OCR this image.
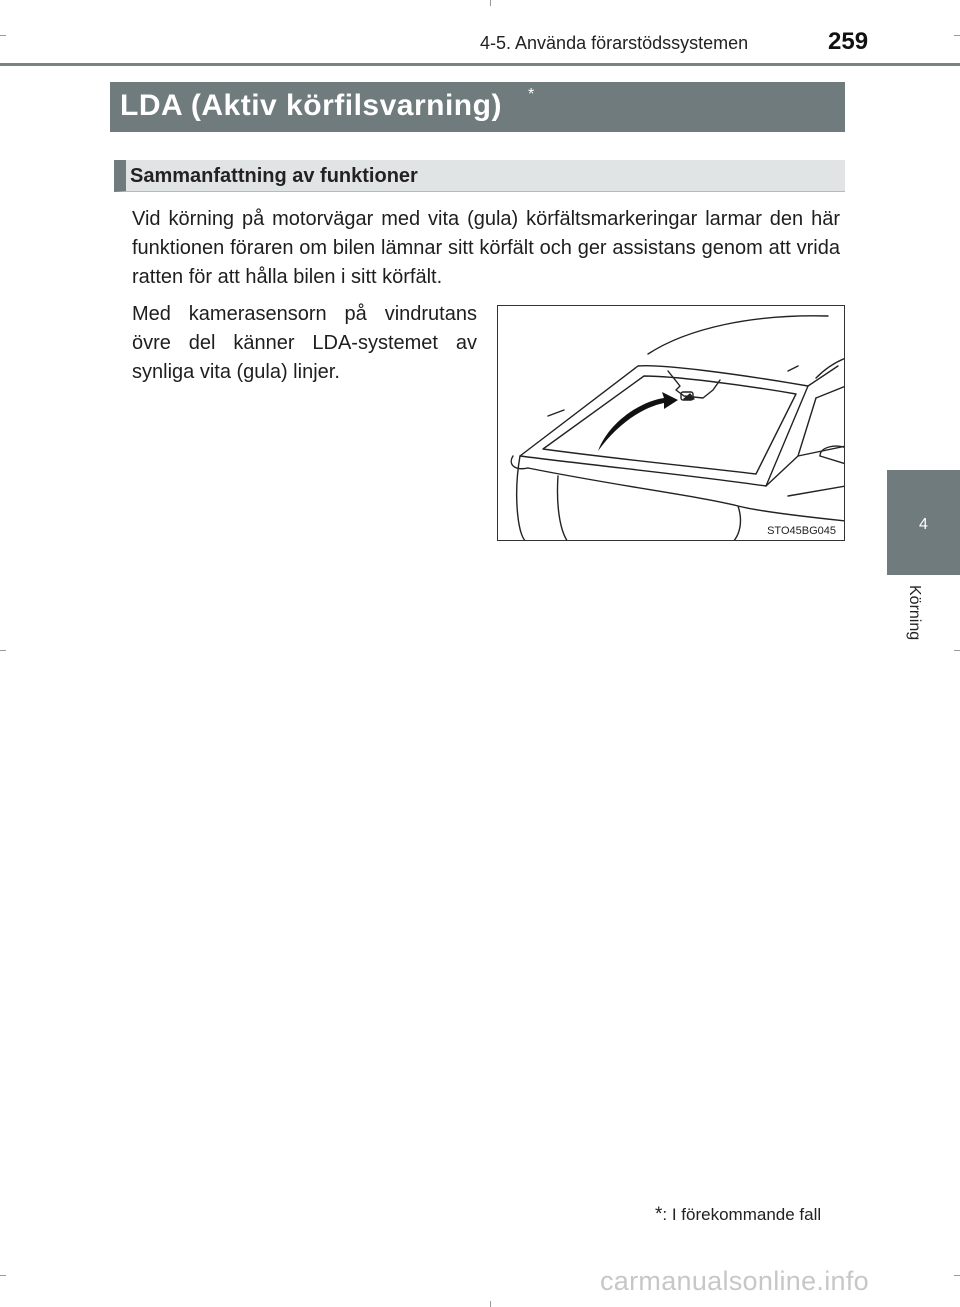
4-5. Använda förarstödssystemen	259
LDA (Aktiv körfilsvarning) *
Sammanfattning av funktioner
Vid körning på motorvägar med vita (gula) körfältsmarkeringar larmar den här funktionen föraren om bilen lämnar sitt körfält och ger assistans genom att vrida ratten för att hålla bilen i sitt körfält.
Med kamerasensorn på vindrutans övre del känner LDA-systemet av synliga vita (gula) linjer.
STO45BG045	4
Körning
*: I förekommande fall
carmanualsonline.info
